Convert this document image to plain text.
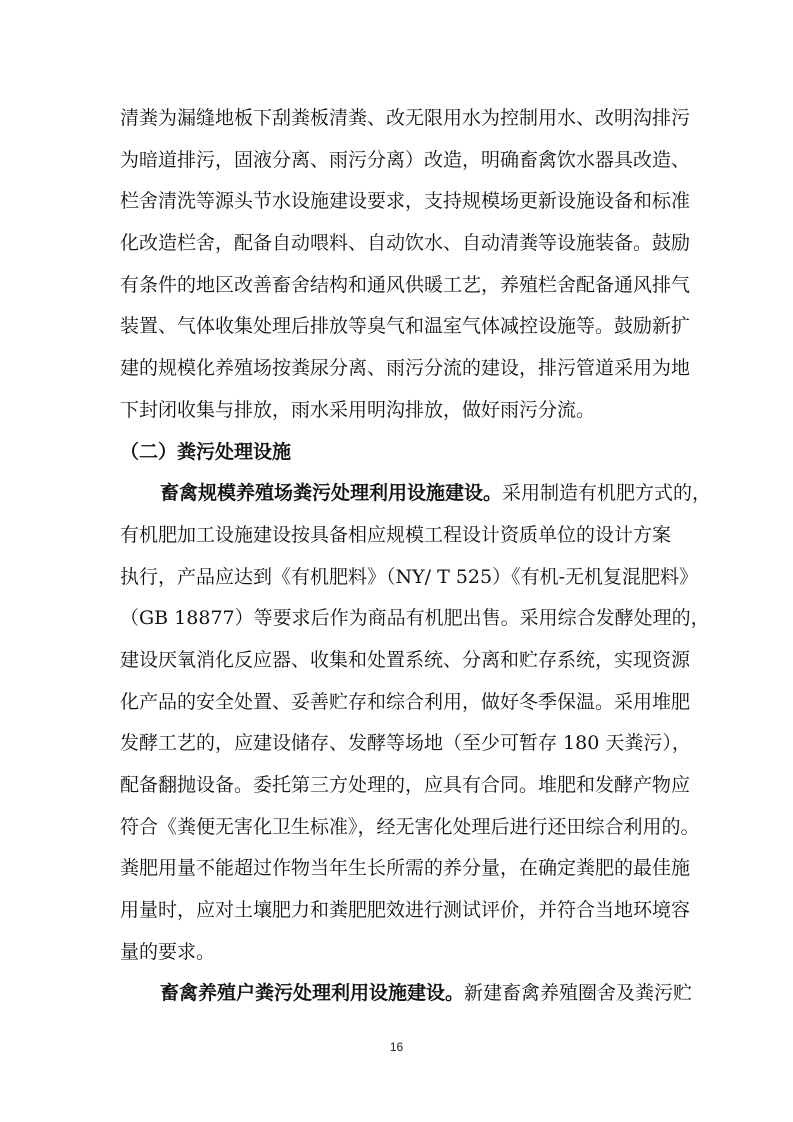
清粪为漏缝地板下刮粪板清粪、改无限用水为控制用水、改明沟排污
为暗道排污，固液分离、雨污分离）改造，明确畜禽饮水器具改造、
栏舍清洗等源头节水设施建设要求，支持规模场更新设施设备和标准
化改造栏舍，配备自动喂料、自动饮水、自动清粪等设施装备。鼓励
有条件的地区改善畜舍结构和通风供暖工艺，养殖栏舍配备通风排气
装置、气体收集处理后排放等臭气和温室气体减控设施等。鼓励新扩
建的规模化养殖场按粪尿分离、雨污分流的建设，排污管道采用为地
下封闭收集与排放，雨水采用明沟排放，做好雨污分流。
（二）粪污处理设施
畜禽规模养殖场粪污处理利用设施建设。采用制造有机肥方式的，
有机肥加工设施建设按具备相应规模工程设计资质单位的设计方案
执行，产品应达到《有机肥料》（NY/ T 525）《有机-无机复混肥料》
（GB 18877）等要求后作为商品有机肥出售。采用综合发酵处理的，
建设厌氧消化反应器、收集和处置系统、分离和贮存系统，实现资源
化产品的安全处置、妥善贮存和综合利用，做好冬季保温。采用堆肥
发酵工艺的，应建设储存、发酵等场地（至少可暂存 180 天粪污），
配备翻抛设备。委托第三方处理的，应具有合同。堆肥和发酵产物应
符合《粪便无害化卫生标准》，经无害化处理后进行还田综合利用的。
粪肥用量不能超过作物当年生长所需的养分量，在确定粪肥的最佳施
用量时，应对土壤肥力和粪肥肥效进行测试评价，并符合当地环境容
量的要求。
畜禽养殖户粪污处理利用设施建设。新建畜禽养殖圈舍及粪污贮
16
